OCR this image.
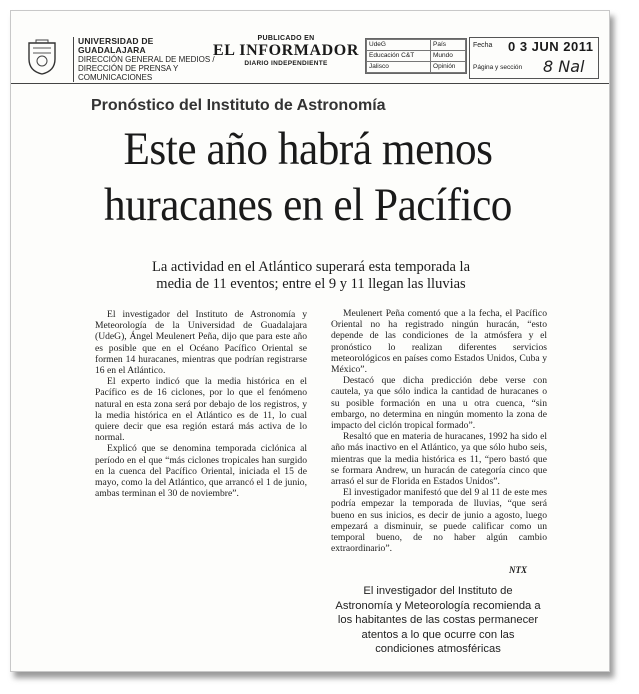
UNIVERSIDAD DE GUADALAJARA
DIRECCIÓN GENERAL DE MEDIOS /
DIRECCIÓN DE PRENSA Y
COMUNICACIONES
PUBLICADO EN
EL INFORMADOR
DIARIO INDEPENDIENTE
UdeG	País
Educación C&T	Mundo
Jalisco	Opinión
Fecha 0 3 JUN 2011
Página y sección 8 Nal
Pronóstico del Instituto de Astronomía
Este año habrá menos
huracanes en el Pacífico
La actividad en el Atlántico superará esta temporada la
media de 11 eventos; entre el 9 y 11 llegan las lluvias

El investigador del Instituto de Astronomía y Meteorología de la Universidad de Guadalajara (UdeG), Ángel Meulenert Peña, dijo que para este año es posible que en el Océano Pacífico Oriental se formen 14 huracanes, mientras que podrían registrarse 16 en el Atlántico.

El experto indicó que la media histórica en el Pacífico es de 16 ciclones, por lo que el fenómeno natural en esta zona será por debajo de los registros, y la media histórica en el Atlántico es de 11, lo cual quiere decir que esa región estará más activa de lo normal.

Explicó que se denomina temporada ciclónica al período en el que “más ciclones tropicales han surgido en la cuenca del Pacífico Oriental, iniciada el 15 de mayo, como la del Atlántico, que arrancó el 1 de junio, ambas terminan el 30 de noviembre”.

Meulenert Peña comentó que a la fecha, el Pacífico Oriental no ha registrado ningún huracán, “esto depende de las condiciones de la atmósfera y el pronóstico lo realizan diferentes servicios meteorológicos en países como Estados Unidos, Cuba y México”.

Destacó que dicha predicción debe verse con cautela, ya que sólo indica la cantidad de huracanes o su posible formación en una u otra cuenca, “sin embargo, no determina en ningún momento la zona de impacto del ciclón tropical formado”.

Resaltó que en materia de huracanes, 1992 ha sido el año más inactivo en el Atlántico, ya que sólo hubo seis, mientras que la media histórica es 11, “pero bastó que se formara Andrew, un huracán de categoría cinco que arrasó el sur de Florida en Estados Unidos”.

El investigador manifestó que del 9 al 11 de este mes podría empezar la temporada de lluvias, “que será bueno en sus inicios, es decir de junio a agosto, luego empezará a disminuir, se puede calificar como un temporal bueno, de no haber algún cambio extraordinario”.

NTX
El investigador del Instituto de Astronomía y Meteorología recomienda a los habitantes de las costas permanecer atentos a lo que ocurre con las condiciones atmosféricas
